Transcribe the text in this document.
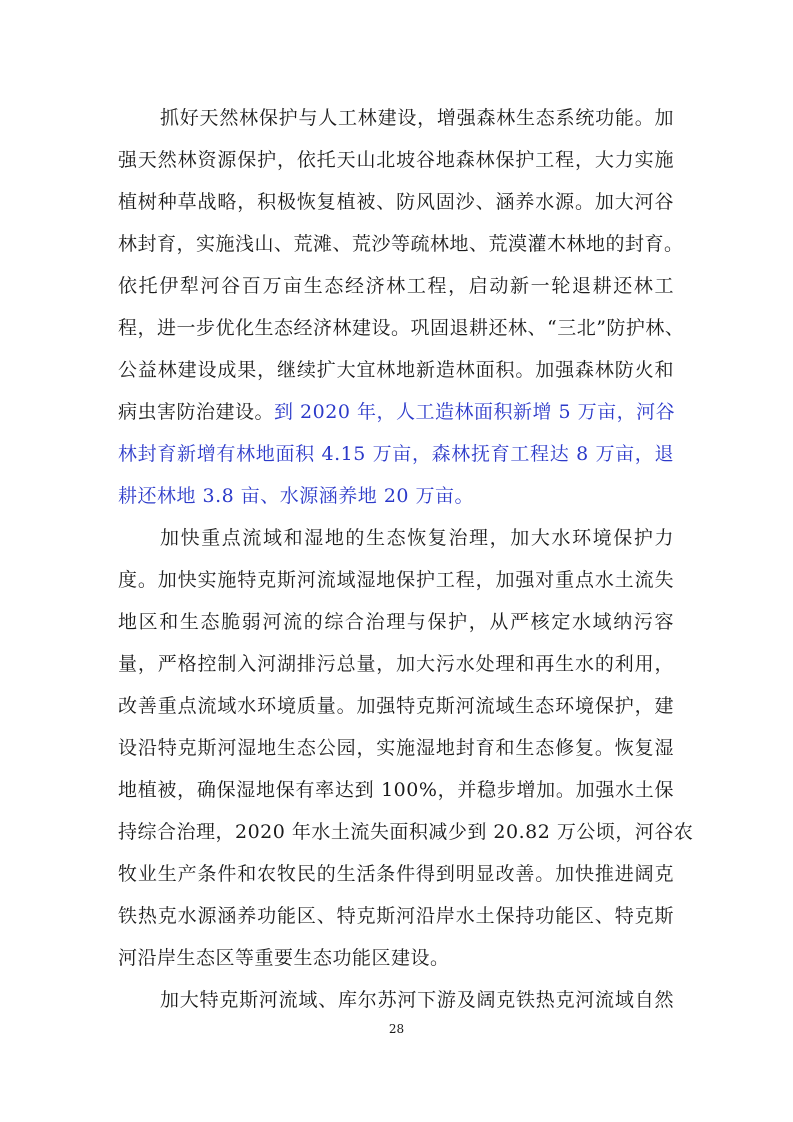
抓好天然林保护与人工林建设，增强森林生态系统功能。加
强天然林资源保护，依托天山北坡谷地森林保护工程，大力实施
植树种草战略，积极恢复植被、防风固沙、涵养水源。加大河谷
林封育，实施浅山、荒滩、荒沙等疏林地、荒漠灌木林地的封育。
依托伊犁河谷百万亩生态经济林工程，启动新一轮退耕还林工
程，进一步优化生态经济林建设。巩固退耕还林、“三北”防护林、
公益林建设成果，继续扩大宜林地新造林面积。加强森林防火和
病虫害防治建设。到 2020 年，人工造林面积新增 5 万亩，河谷
林封育新增有林地面积 4.15 万亩，森林抚育工程达 8 万亩，退
耕还林地 3.8 亩、水源涵养地 20 万亩。
加快重点流域和湿地的生态恢复治理，加大水环境保护力
度。加快实施特克斯河流域湿地保护工程，加强对重点水土流失
地区和生态脆弱河流的综合治理与保护，从严核定水域纳污容
量，严格控制入河湖排污总量，加大污水处理和再生水的利用，
改善重点流域水环境质量。加强特克斯河流域生态环境保护，建
设沿特克斯河湿地生态公园，实施湿地封育和生态修复。恢复湿
地植被，确保湿地保有率达到 100%，并稳步增加。加强水土保
持综合治理，2020 年水土流失面积减少到 20.82 万公顷，河谷农
牧业生产条件和农牧民的生活条件得到明显改善。加快推进阔克
铁热克水源涵养功能区、特克斯河沿岸水土保持功能区、特克斯
河沿岸生态区等重要生态功能区建设。
加大特克斯河流域、库尔苏河下游及阔克铁热克河流域自然
28
